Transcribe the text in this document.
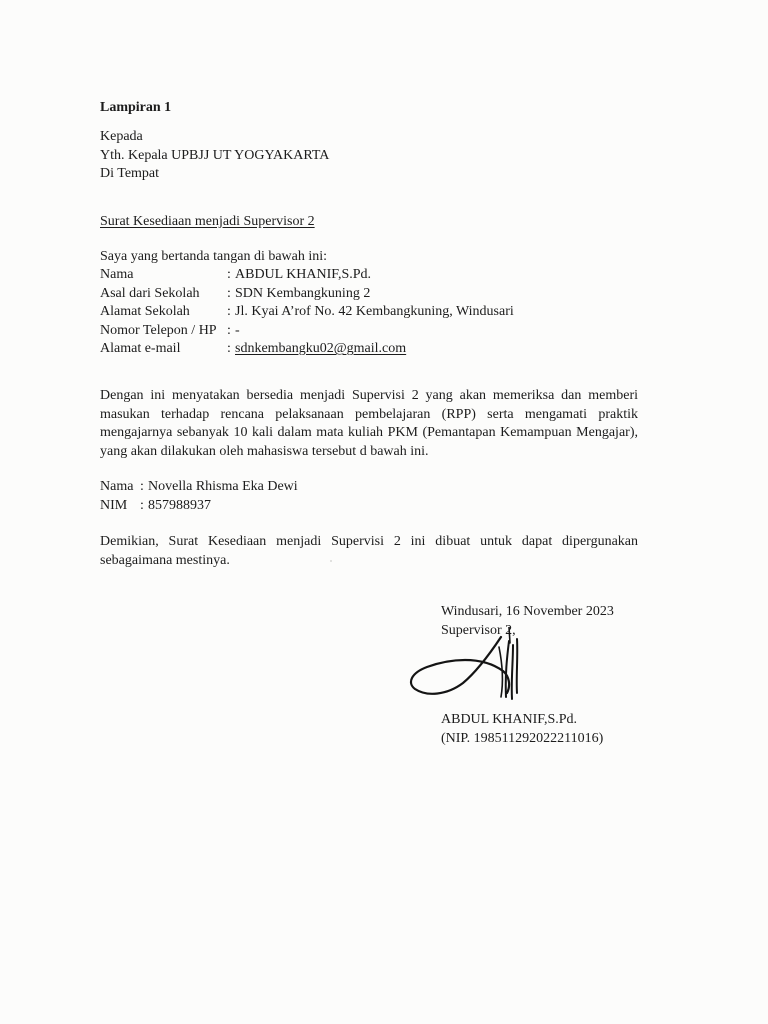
Lampiran 1
Kepada
Yth. Kepala UPBJJ UT YOGYAKARTA
Di Tempat
Surat Kesediaan menjadi Supervisor 2
Saya yang bertanda tangan di bawah ini:
Nama	: ABDUL KHANIF,S.Pd.
Asal dari Sekolah	: SDN Kembangkuning 2
Alamat Sekolah	: Jl. Kyai A’rof No. 42 Kembangkuning, Windusari
Nomor Telepon / HP : -
Alamat e-mail	: sdnkembangku02@gmail.com
Dengan ini menyatakan bersedia menjadi Supervisi 2 yang akan memeriksa dan memberi
masukan terhadap rencana pelaksanaan pembelajaran (RPP) serta mengamati praktik
mengajarnya sebanyak 10 kali dalam mata kuliah PKM (Pemantapan Kemampuan Mengajar),
yang akan dilakukan oleh mahasiswa tersebut d bawah ini.
Nama : Novella Rhisma Eka Dewi
NIM : 857988937
Demikian, Surat Kesediaan menjadi Supervisi 2 ini dibuat untuk dapat dipergunakan
sebagaimana mestinya.
Windusari, 16 November 2023
Supervisor 2,
ABDUL KHANIF,S.Pd.
(NIP. 198511292022211016)
